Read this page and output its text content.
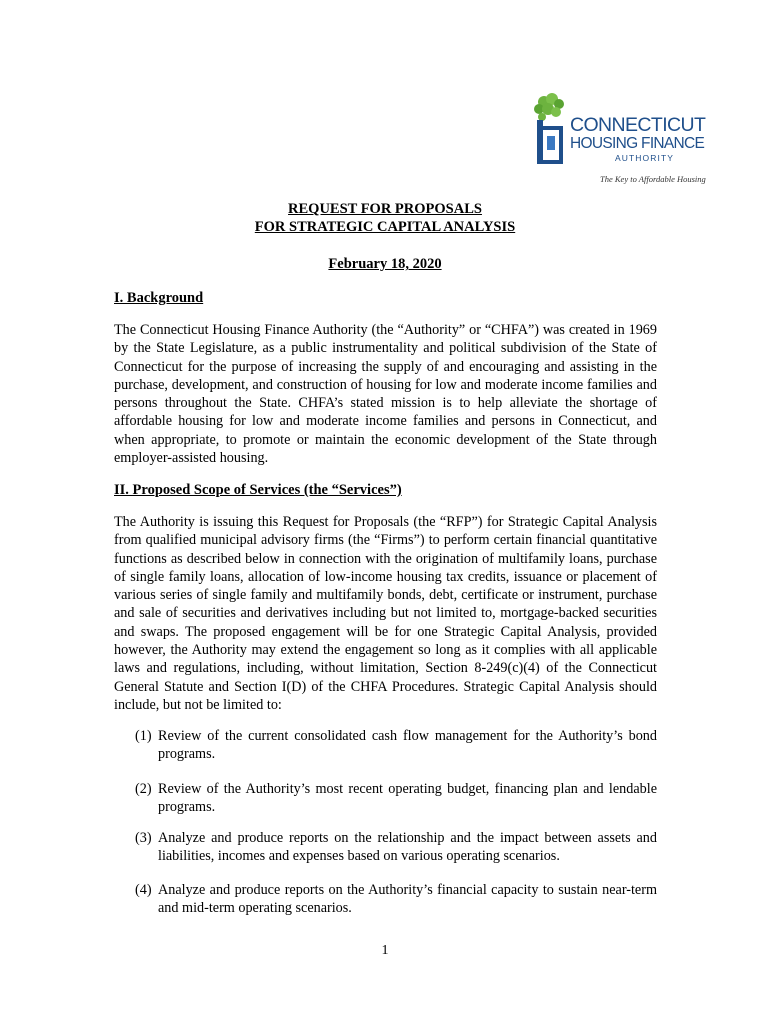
CONNECTICUT
HOUSING FINANCE
AUTHORITY
The Key to Affordable Housing
REQUEST FOR PROPOSALS
FOR STRATEGIC CAPITAL ANALYSIS
February 18, 2020
I. Background
The Connecticut Housing Finance Authority (the “Authority” or “CHFA”) was created in 1969 by the State Legislature, as a public instrumentality and political subdivision of the State of Connecticut for the purpose of increasing the supply of and encouraging and assisting in the purchase, development, and construction of housing for low and moderate income families and persons throughout the State. CHFA’s stated mission is to help alleviate the shortage of affordable housing for low and moderate income families and persons in Connecticut, and when appropriate, to promote or maintain the economic development of the State through employer-assisted housing.
II. Proposed Scope of Services (the “Services”)
The Authority is issuing this Request for Proposals (the “RFP”) for Strategic Capital Analysis from qualified municipal advisory firms (the “Firms”) to perform certain financial quantitative functions as described below in connection with the origination of multifamily loans, purchase of single family loans, allocation of low-income housing tax credits, issuance or placement of various series of single family and multifamily bonds, debt, certificate or instrument, purchase and sale of securities and derivatives including but not limited to, mortgage-backed securities and swaps. The proposed engagement will be for one Strategic Capital Analysis, provided however, the Authority may extend the engagement so long as it complies with all applicable laws and regulations, including, without limitation, Section 8-249(c)(4) of the Connecticut General Statute and Section I(D) of the CHFA Procedures. Strategic Capital Analysis should include, but not be limited to:
(1) Review of the current consolidated cash flow management for the Authority’s bond programs.
(2) Review of the Authority’s most recent operating budget, financing plan and lendable programs.
(3) Analyze and produce reports on the relationship and the impact between assets and liabilities, incomes and expenses based on various operating scenarios.
(4) Analyze and produce reports on the Authority’s financial capacity to sustain near-term and mid-term operating scenarios.
1
